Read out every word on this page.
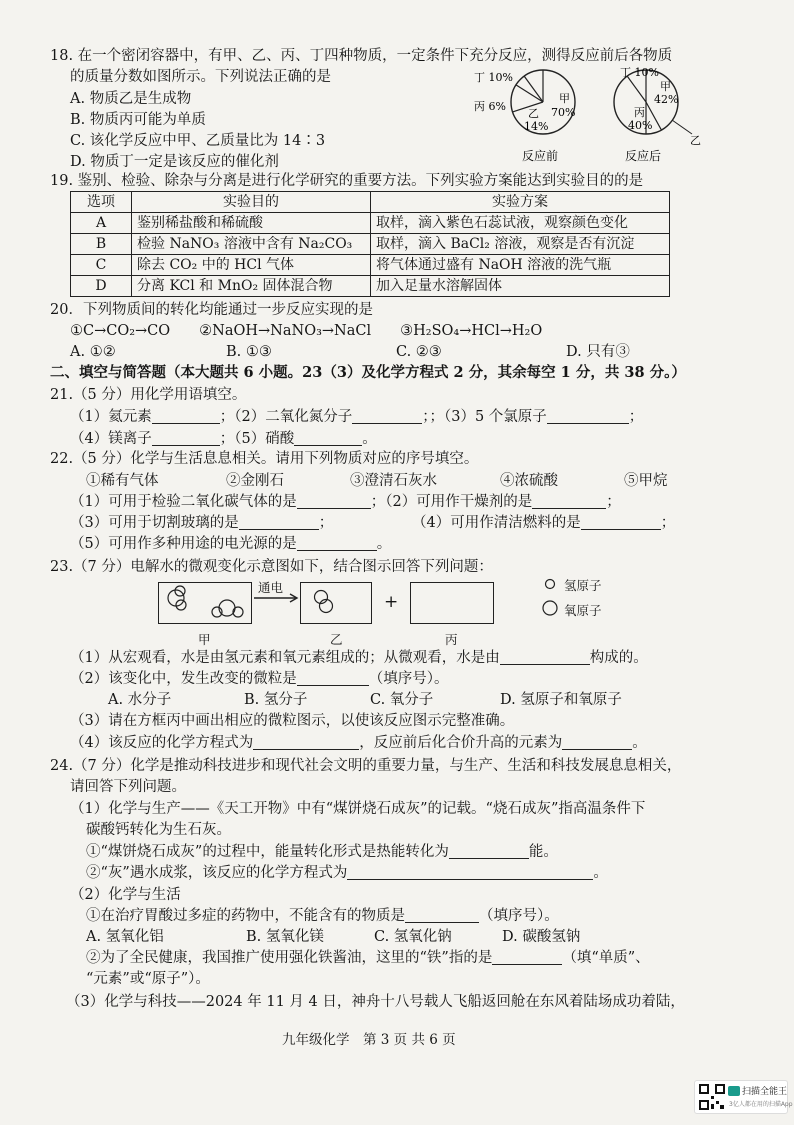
18. 在一个密闭容器中，有甲、乙、丙、丁四种物质，一定条件下充分反应，测得反应前后各物质
的质量分数如图所示。下列说法正确的是
A. 物质乙是生成物
B. 物质丙可能为单质
C. 该化学反应中甲、乙质量比为 14∶3
D. 物质丁一定是该反应的催化剂
丁 10%
丙 6%
甲
70%
乙
14%
反应前
丁 10%
甲
42%
丙
40%
乙
反应后
19. 鉴别、检验、除杂与分离是进行化学研究的重要方法。下列实验方案能达到实验目的的是
选项	实验目的	实验方案
A	鉴别稀盐酸和稀硫酸	取样，滴入紫色石蕊试液，观察颜色变化
B	检验 NaNO₃ 溶液中含有 Na₂CO₃	取样，滴入 BaCl₂ 溶液，观察是否有沉淀
C	除去 CO₂ 中的 HCl 气体	将气体通过盛有 NaOH 溶液的洗气瓶
D	分离 KCl 和 MnO₂ 固体混合物	加入足量水溶解固体
20．下列物质间的转化均能通过一步反应实现的是
①C→CO₂→CO　　②NaOH→NaNO₃→NaCl　　③H₂SO₄→HCl→H₂O
A. ①②	B. ①③	C. ②③	D. 只有③
二、填空与简答题（本大题共 6 小题。23（3）及化学方程式 2 分，其余每空 1 分，共 38 分。）
21.（5 分）用化学用语填空。
（1）氦元素	；（2）二氧化氮分子	；；（3）5 个氯原子	；
（4）镁离子	；（5）硝酸	。
22.（5 分）化学与生活息息相关。请用下列物质对应的序号填空。
①稀有气体	②金刚石	③澄清石灰水	④浓硫酸	⑤甲烷
（1）可用于检验二氧化碳气体的是	；（2）可用作干燥剂的是	；
（3）可用于切割玻璃的是	；	（4）可用作清洁燃料的是	；
（5）可用作多种用途的电光源的是	。
23.（7 分）电解水的微观变化示意图如下，结合图示回答下列问题：
通电
+
甲	乙	丙
氢原子
氧原子
（1）从宏观看，水是由氢元素和氧元素组成的；从微观看，水是由	构成的。
（2）该变化中，发生改变的微粒是	（填序号）。
A. 水分子	B. 氢分子	C. 氧分子	D. 氢原子和氧原子
（3）请在方框丙中画出相应的微粒图示，以使该反应图示完整准确。
（4）该反应的化学方程式为	，反应前后化合价升高的元素为	。
24.（7 分）化学是推动科技进步和现代社会文明的重要力量，与生产、生活和科技发展息息相关，
请回答下列问题。
（1）化学与生产——《天工开物》中有“煤饼烧石成灰”的记载。“烧石成灰”指高温条件下
碳酸钙转化为生石灰。
①“煤饼烧石成灰”的过程中，能量转化形式是热能转化为	能。
②“灰”遇水成浆，该反应的化学方程式为	。
（2）化学与生活
①在治疗胃酸过多症的药物中，不能含有的物质是	（填序号）。
A. 氢氧化铝	B. 氢氧化镁	C. 氢氧化钠	D. 碳酸氢钠
②为了全民健康，我国推广使用强化铁酱油，这里的“铁”指的是	（填“单质”、
“元素”或“原子”）。
（3）化学与科技——2024 年 11 月 4 日，神舟十八号载人飞船返回舱在东风着陆场成功着陆，
九年级化学　第 3 页 共 6 页
扫描全能王
3亿人都在用的扫描App
